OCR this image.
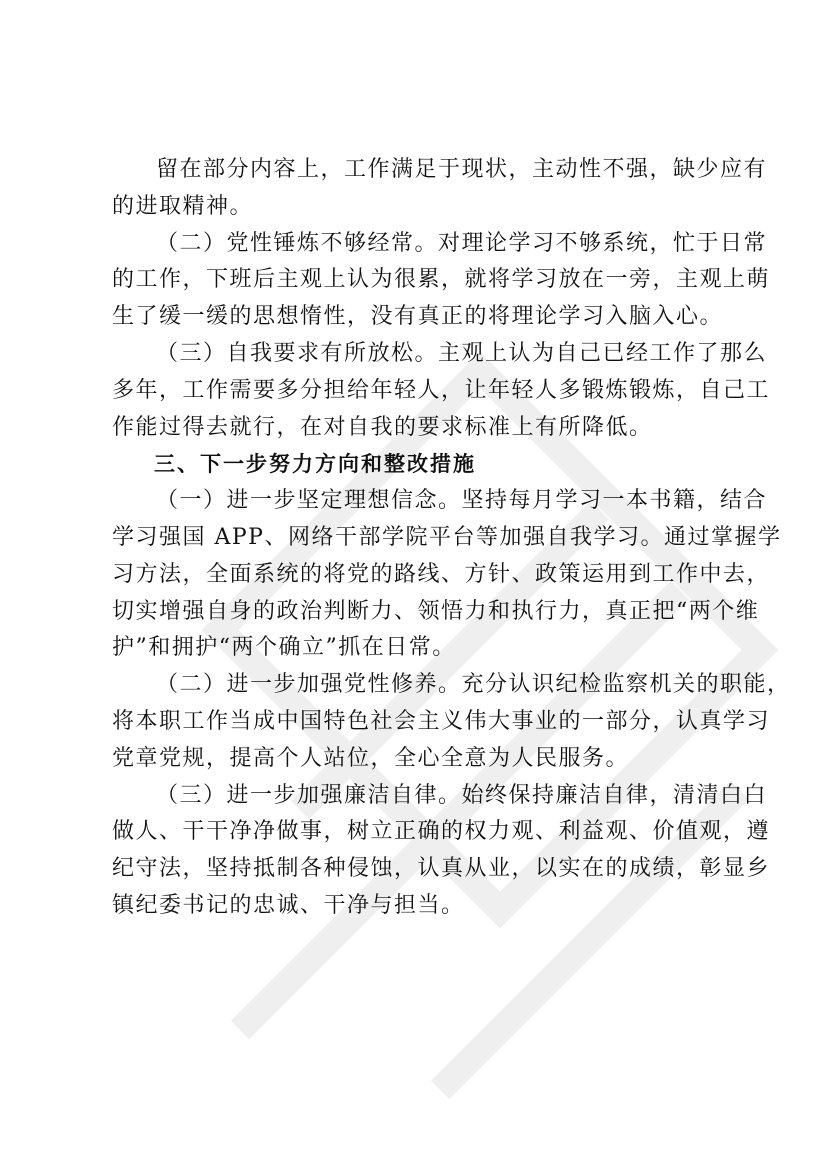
留在部分内容上，工作满足于现状，主动性不强，缺少应有
的进取精神。

（二）党性锤炼不够经常。对理论学习不够系统，忙于日常
的工作，下班后主观上认为很累，就将学习放在一旁，主观上萌
生了缓一缓的思想惰性，没有真正的将理论学习入脑入心。

（三）自我要求有所放松。主观上认为自己已经工作了那么
多年，工作需要多分担给年轻人，让年轻人多锻炼锻炼，自己工
作能过得去就行，在对自我的要求标准上有所降低。

三、下一步努力方向和整改措施

（一）进一步坚定理想信念。坚持每月学习一本书籍，结合
学习强国 APP、网络干部学院平台等加强自我学习。通过掌握学
习方法，全面系统的将党的路线、方针、政策运用到工作中去，
切实增强自身的政治判断力、领悟力和执行力，真正把“两个维
护”和拥护“两个确立”抓在日常。

（二）进一步加强党性修养。充分认识纪检监察机关的职能，
将本职工作当成中国特色社会主义伟大事业的一部分，认真学习
党章党规，提高个人站位，全心全意为人民服务。

（三）进一步加强廉洁自律。始终保持廉洁自律，清清白白
做人、干干净净做事，树立正确的权力观、利益观、价值观，遵
纪守法，坚持抵制各种侵蚀，认真从业，以实在的成绩，彰显乡
镇纪委书记的忠诚、干净与担当。
